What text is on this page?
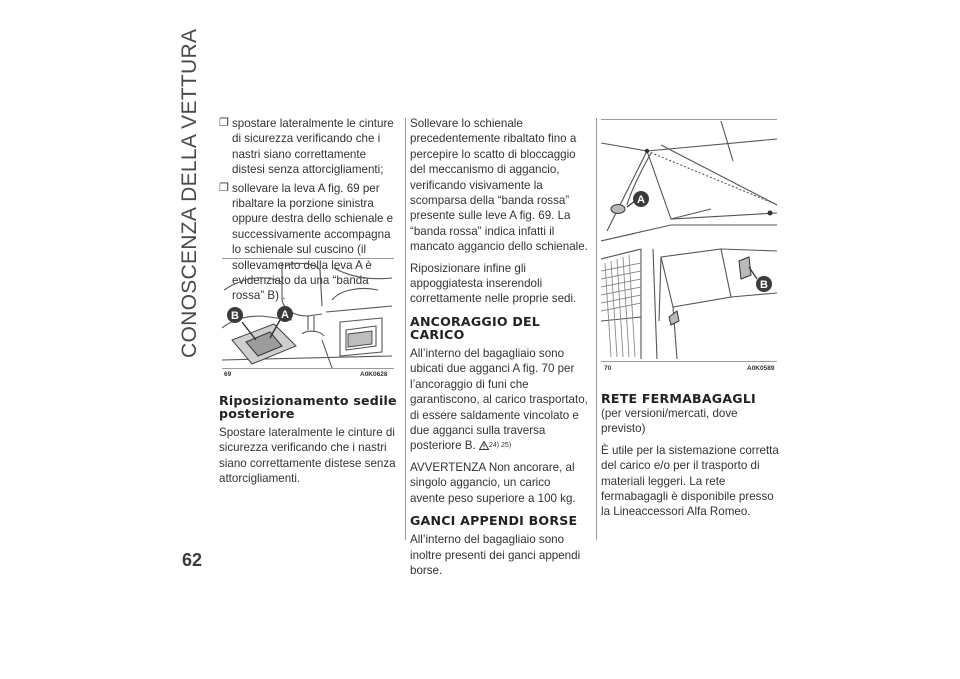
CONOSCENZA DELLA VETTURA
62
❐ spostare lateralmente le cinture di sicurezza verificando che i nastri siano correttamente distesi senza attorcigliamenti;
❐ sollevare la leva A fig. 69 per ribaltare la porzione sinistra oppure destra dello schienale e successivamente accompagna lo schienale sul cuscino (il sollevamento della leva A è evidenziato da una “banda rossa” B) .
B	A
69	A0K0628
Riposizionamento sedile posteriore

Spostare lateralmente le cinture di sicurezza verificando che i nastri siano correttamente distese senza attorcigliamenti.

Sollevare lo schienale precedentemente ribaltato fino a percepire lo scatto di bloccaggio del meccanismo di aggancio, verificando visivamente la scomparsa della “banda rossa” presente sulle leve A fig. 69. La “banda rossa” indica infatti il mancato aggancio dello schienale.

Riposizionare infine gli appoggiatesta inserendoli correttamente nelle proprie sedi.

ANCORAGGIO DEL CARICO

All’interno del bagagliaio sono ubicati due agganci A fig. 70 per l’ancoraggio di funi che garantiscono, al carico trasportato, di essere saldamente vincolato e due agganci sulla traversa posteriore B. 24) 25)

AVVERTENZA Non ancorare, al singolo aggancio, un carico avente peso superiore a 100 kg.

GANCI APPENDI BORSE

All’interno del bagagliaio sono inoltre presenti dei ganci appendi borse.

A
B
70	A0K0589
RETE FERMABAGAGLI

(per versioni/mercati, dove previsto)

È utile per la sistemazione corretta del carico e/o per il trasporto di materiali leggeri. La rete fermabagagli è disponibile presso la Lineaccessori Alfa Romeo.
